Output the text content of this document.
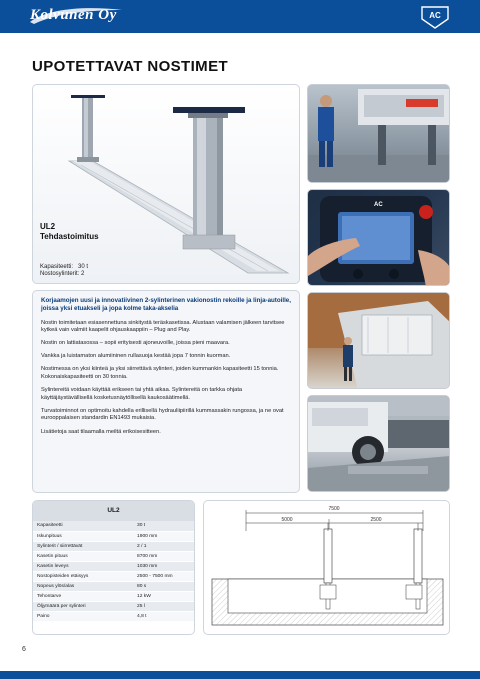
Kolvunen Oy	AC
UPOTETTAVAT NOSTIMET
UL2
Tehdastoimitus
Kapasiteetti: 30 t
Nostosylinterit: 2
AC

Korjaamojen uusi ja innovatiivinen 2-sylinterinen vakionostin rekoille ja linja-autoille, joissa yksi etuakseli ja jopa kolme taka-akselia

Nostin toimitetaan esiasennettuna sinkitystä teräskasetissa. Alustaan valamisen jälkeen tarvitsee kytkeä vain valmiit kaapelit ohjauskaappiin – Plug and Play.

Nostin on lattiatasossa – sopii erityisesti ajoneuvoille, joissa pieni maavara.

Vankka ja luistamaton alumiininen rullasuoja kestää jopa 7 tonnin kuorman.

Nostimessa on yksi kiinteä ja yksi siirrettävä sylinteri, joiden kummankin kapasiteetti 15 tonnia. Kokonaiskapasiteetti on 30 tonnia.

Sylintereitä voidaan käyttää erikseen tai yhtä aikaa. Sylintereitä on tarkka ohjata käyttäjäystävällisellä kosketusnäytöllisellä kaukosäätimellä.

Turvatoiminnot on optimoitu kahdella erillisellä hydrauliipiirillä kummassakin rungossa, ja ne ovat eurooppalaisen standardin EN1493 mukaisia.

Lisätietoja saat tilaamalla meiltä erikoisesitteen.

UL2
Kapasiteetti	30 t
Iskunpituus	1900 mm
Sylinterit / siirrettävät	2 / 1
Kasetin pituus	8700 mm
Kasetin leveys	1030 mm
Nostopisteiden etäisyys	2500 - 7500 mm
Nopeus ylös/alas	80 s
Tehontarve	12 kW
Öljymäärä per sylinteri	25 l
Paino	4,8 t
7500
5000	2500
6
